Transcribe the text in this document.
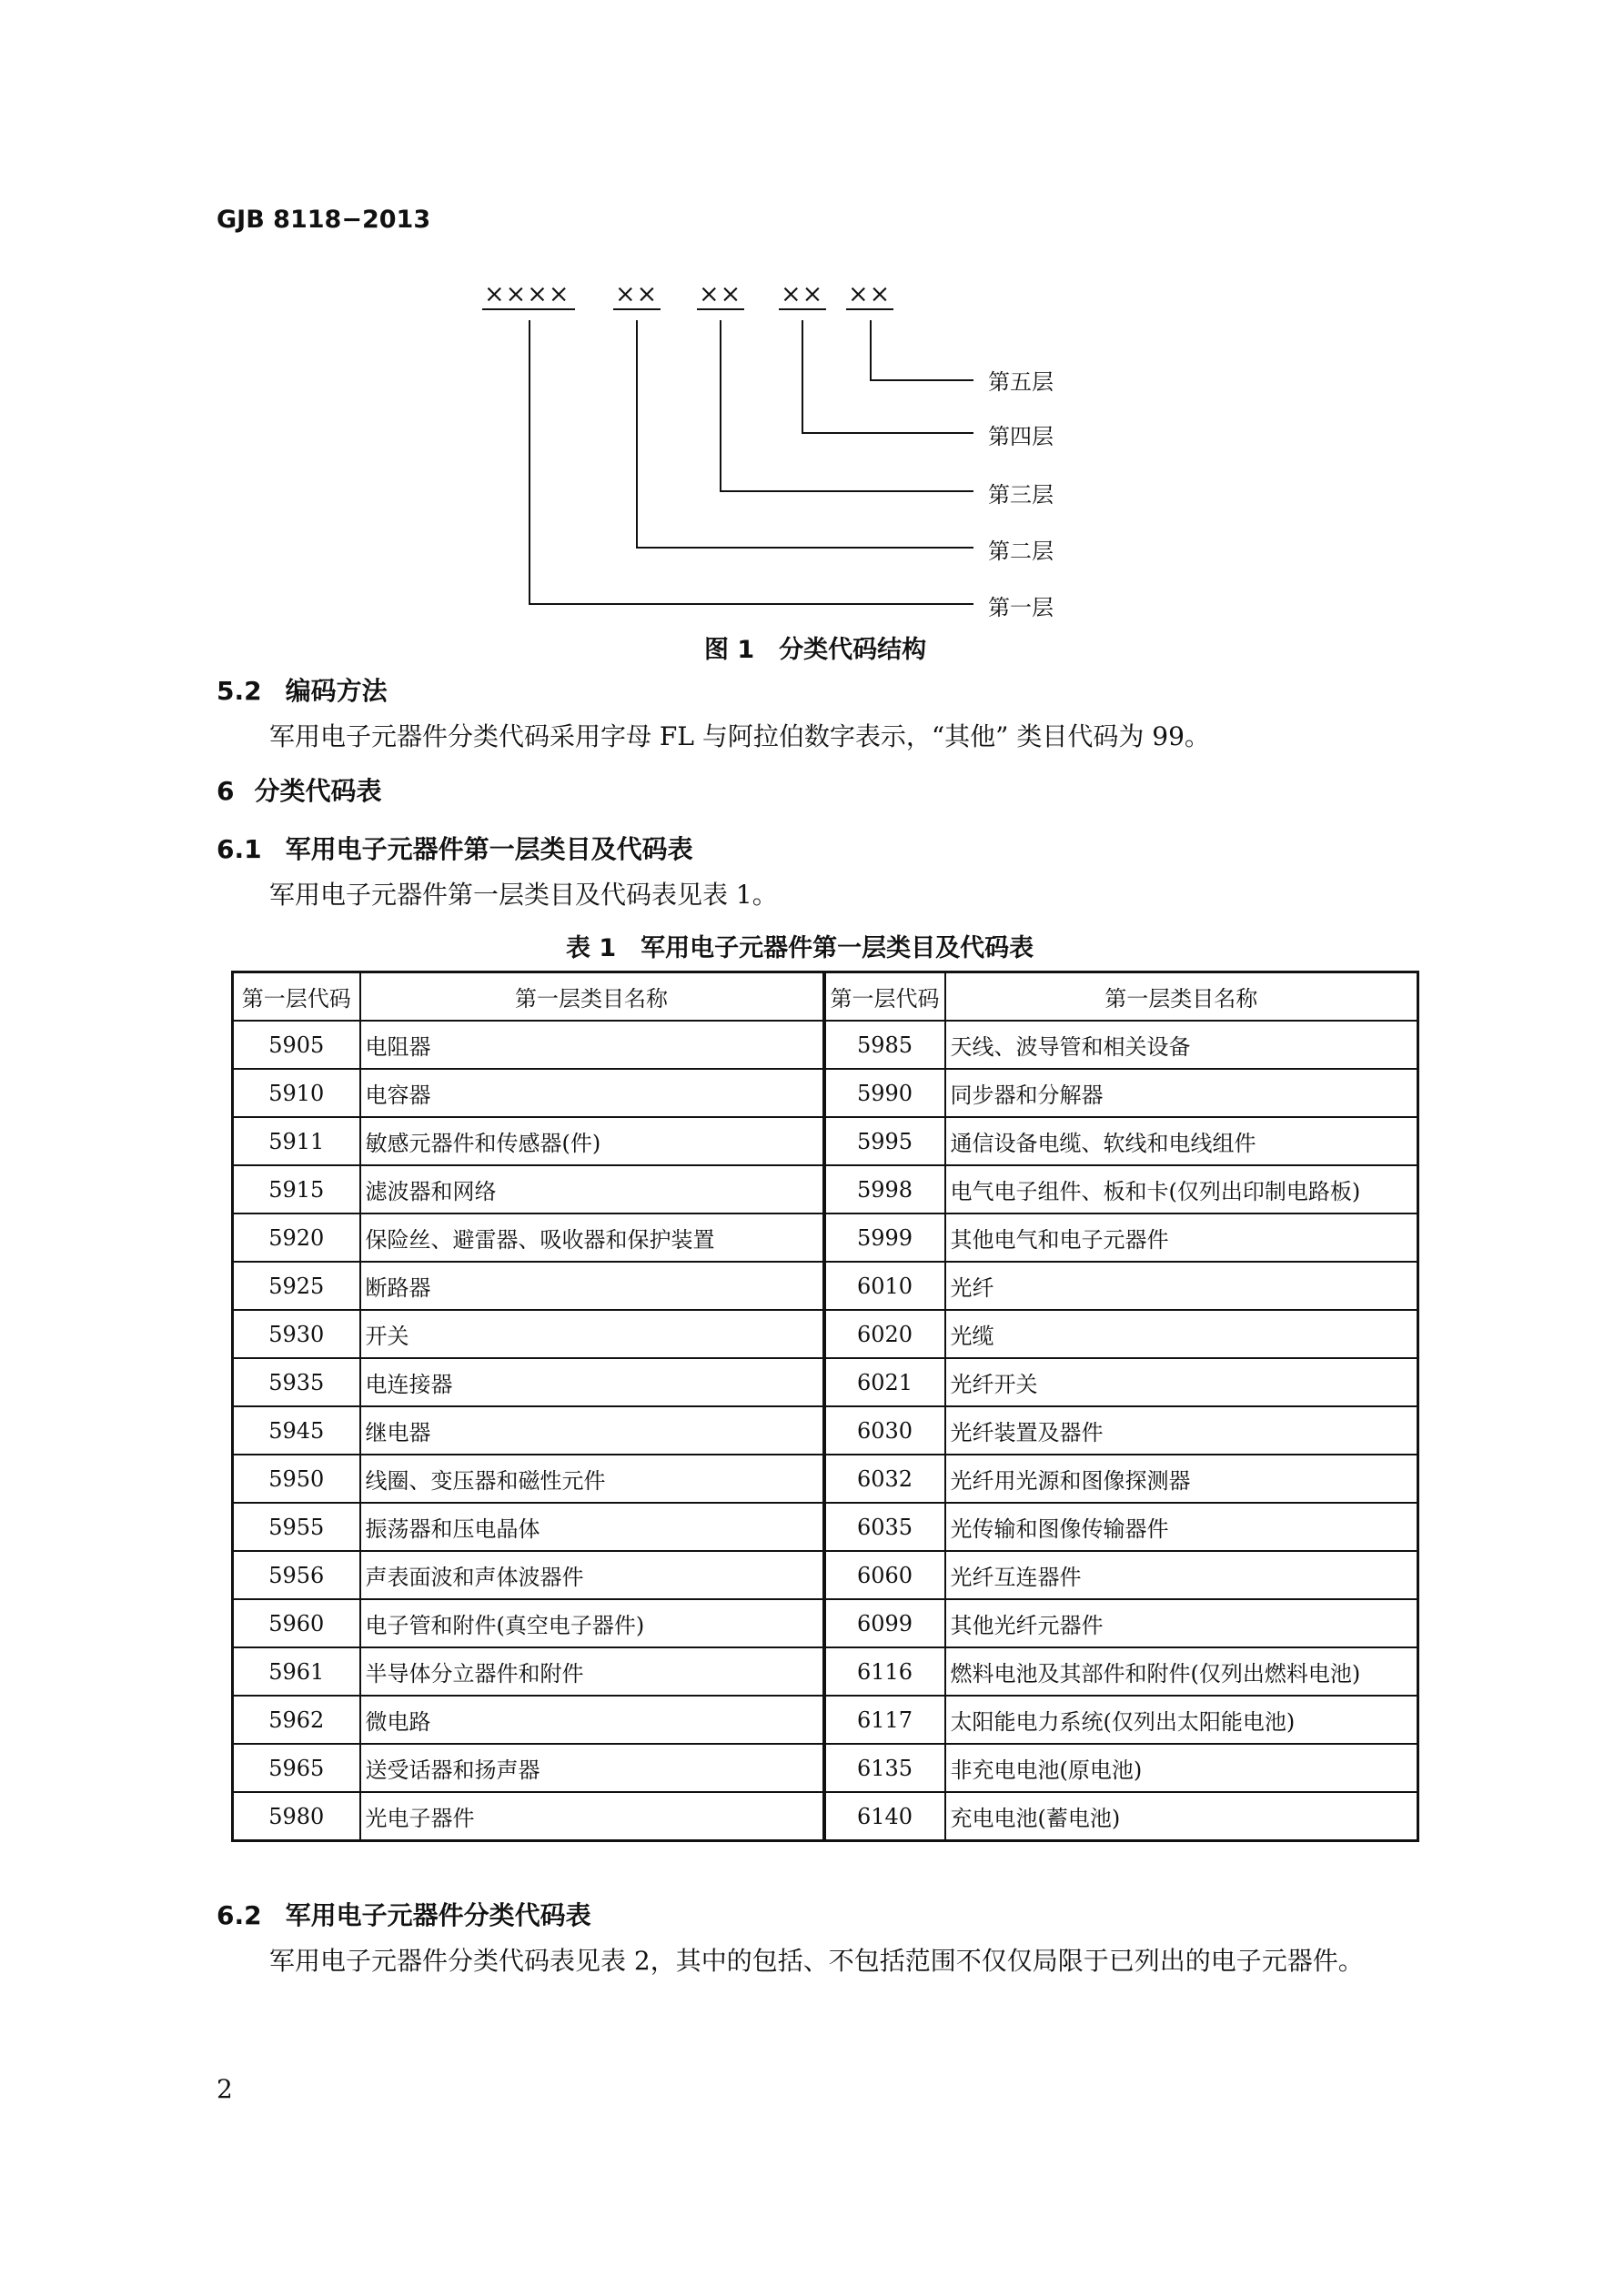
GJB 8118−2013
×××× ×× ×× ×× ××
第五层
第四层
第三层
第二层
第一层
图 1　分类代码结构
5.2 编码方法
军用电子元器件分类代码采用字母 FL 与阿拉伯数字表示，“其他” 类目代码为 99。
6 分类代码表
6.1 军用电子元器件第一层类目及代码表
军用电子元器件第一层类目及代码表见表 1。
表 1　军用电子元器件第一层类目及代码表
第一层代码	第一层类目名称	第一层代码	第一层类目名称
5905	电阻器	5985	天线、波导管和相关设备
5910	电容器	5990	同步器和分解器
5911	敏感元器件和传感器(件)	5995	通信设备电缆、软线和电线组件
5915	滤波器和网络	5998	电气电子组件、板和卡(仅列出印制电路板)
5920	保险丝、避雷器、吸收器和保护装置	5999	其他电气和电子元器件
5925	断路器	6010	光纤
5930	开关	6020	光缆
5935	电连接器	6021	光纤开关
5945	继电器	6030	光纤装置及器件
5950	线圈、变压器和磁性元件	6032	光纤用光源和图像探测器
5955	振荡器和压电晶体	6035	光传输和图像传输器件
5956	声表面波和声体波器件	6060	光纤互连器件
5960	电子管和附件(真空电子器件)	6099	其他光纤元器件
5961	半导体分立器件和附件	6116	燃料电池及其部件和附件(仅列出燃料电池)
5962	微电路	6117	太阳能电力系统(仅列出太阳能电池)
5965	送受话器和扬声器	6135	非充电电池(原电池)
5980	光电子器件	6140	充电电池(蓄电池)
6.2 军用电子元器件分类代码表
军用电子元器件分类代码表见表 2，其中的包括、不包括范围不仅仅局限于已列出的电子元器件。
2
